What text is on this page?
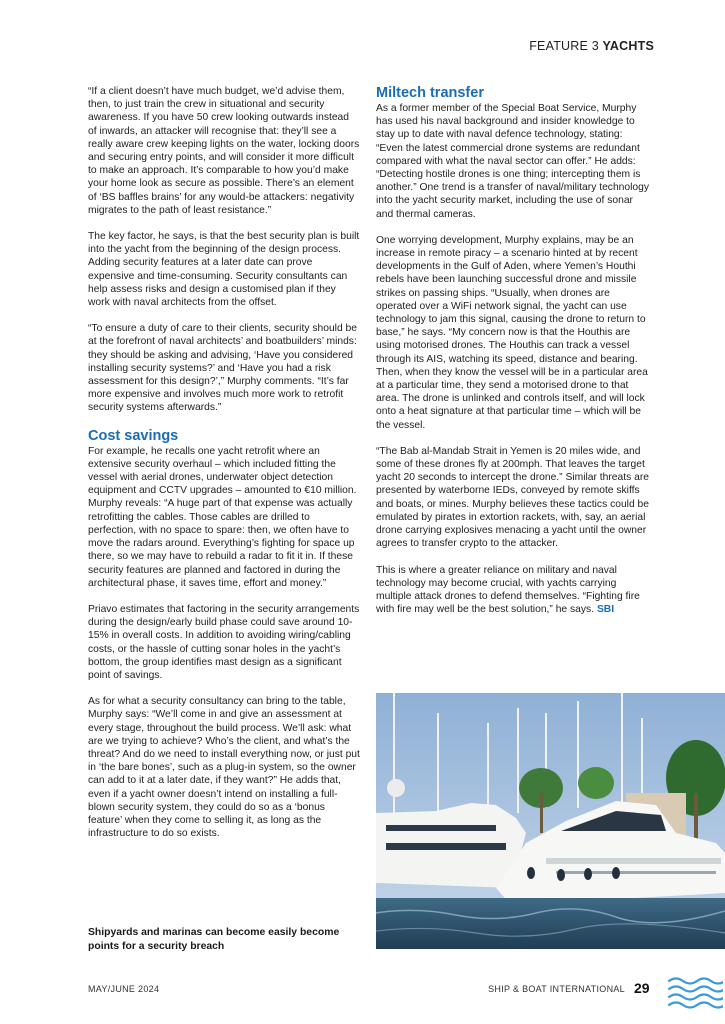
FEATURE 3 YACHTS

“If a client doesn’t have much budget, we’d advise them, then, to just train the crew in situational and security awareness. If you have 50 crew looking outwards instead of inwards, an attacker will recognise that: they’ll see a really aware crew keeping lights on the water, locking doors and securing entry points, and will consider it more difficult to make an approach. It’s comparable to how you’d make your home look as secure as possible. There’s an element of ‘BS baffles brains’ for any would-be attackers: negativity migrates to the path of least resistance.”

The key factor, he says, is that the best security plan is built into the yacht from the beginning of the design process. Adding security features at a later date can prove expensive and time-consuming. Security consultants can help assess risks and design a customised plan if they work with naval architects from the offset.

“To ensure a duty of care to their clients, security should be at the forefront of naval architects’ and boatbuilders’ minds: they should be asking and advising, ‘Have you considered installing security systems?’ and ‘Have you had a risk assessment for this design?’,” Murphy comments. “It’s far more expensive and involves much more work to retrofit security systems afterwards.”

Cost savings

For example, he recalls one yacht retrofit where an extensive security overhaul – which included fitting the vessel with aerial drones, underwater object detection equipment and CCTV upgrades – amounted to €10 million. Murphy reveals: “A huge part of that expense was actually retrofitting the cables. Those cables are drilled to perfection, with no space to spare: then, we often have to move the radars around. Everything’s fighting for space up there, so we may have to rebuild a radar to fit it in. If these security features are planned and factored in during the architectural phase, it saves time, effort and money.”

Priavo estimates that factoring in the security arrangements during the design/early build phase could save around 10-15% in overall costs. In addition to avoiding wiring/cabling costs, or the hassle of cutting sonar holes in the yacht’s bottom, the group identifies mast design as a significant point of savings.

As for what a security consultancy can bring to the table, Murphy says: “We’ll come in and give an assessment at every stage, throughout the build process. We’ll ask: what are we trying to achieve? Who’s the client, and what’s the threat? And do we need to install everything now, or just put in ‘the bare bones’, such as a plug-in system, so the owner can add to it at a later date, if they want?” He adds that, even if a yacht owner doesn’t intend on installing a full-blown security system, they could do so as a ‘bonus feature’ when they come to selling it, as long as the infrastructure to do so exists.

Miltech transfer

As a former member of the Special Boat Service, Murphy has used his naval background and insider knowledge to stay up to date with naval defence technology, stating: “Even the latest commercial drone systems are redundant compared with what the naval sector can offer.” He adds: “Detecting hostile drones is one thing; intercepting them is another.” One trend is a transfer of naval/military technology into the yacht security market, including the use of sonar and thermal cameras.

One worrying development, Murphy explains, may be an increase in remote piracy – a scenario hinted at by recent developments in the Gulf of Aden, where Yemen’s Houthi rebels have been launching successful drone and missile strikes on passing ships. “Usually, when drones are operated over a WiFi network signal, the yacht can use technology to jam this signal, causing the drone to return to base,” he says. “My concern now is that the Houthis are using motorised drones. The Houthis can track a vessel through its AIS, watching its speed, distance and bearing. Then, when they know the vessel will be in a particular area at a particular time, they send a motorised drone to that area. The drone is unlinked and controls itself, and will lock onto a heat signature at that particular time – which will be the vessel.

“The Bab al-Mandab Strait in Yemen is 20 miles wide, and some of these drones fly at 200mph. That leaves the target yacht 20 seconds to intercept the drone.” Similar threats are presented by waterborne IEDs, conveyed by remote skiffs and boats, or mines. Murphy believes these tactics could be emulated by pirates in extortion rackets, with, say, an aerial drone carrying explosives menacing a yacht until the owner agrees to transfer crypto to the attacker.

This is where a greater reliance on military and naval technology may become crucial, with yachts carrying multiple attack drones to defend themselves. “Fighting fire with fire may well be the best solution,” he says. SBI

Shipyards and marinas can become easily become points for a security breach
MAY/JUNE 2024	SHIP & BOAT INTERNATIONAL 29
